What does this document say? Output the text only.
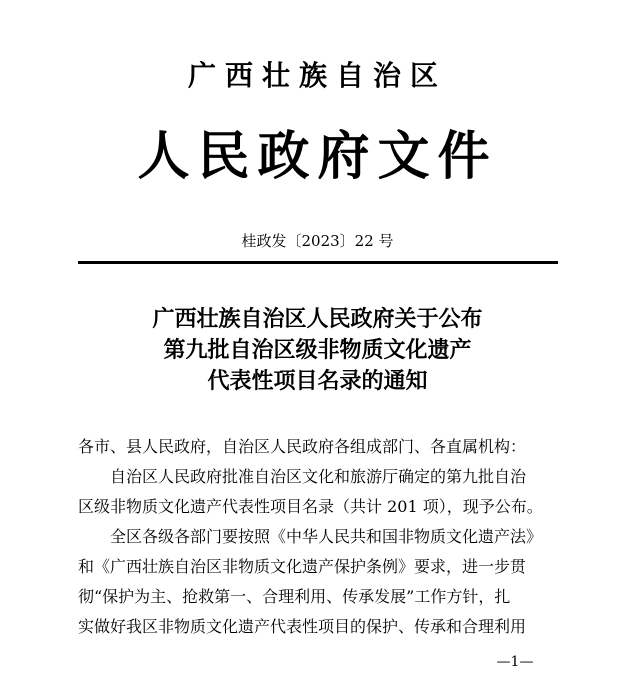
广西壮族自治区
人民政府文件
桂政发〔2023〕22 号
广西壮族自治区人民政府关于公布
第九批自治区级非物质文化遗产
代表性项目名录的通知
各市、县人民政府，自治区人民政府各组成部门、各直属机构：
自治区人民政府批准自治区文化和旅游厅确定的第九批自治
区级非物质文化遗产代表性项目名录（共计 201 项），现予公布。
全区各级各部门要按照《中华人民共和国非物质文化遗产法》
和《广西壮族自治区非物质文化遗产保护条例》要求，进一步贯
彻“保护为主、抢救第一、合理利用、传承发展”工作方针，扎
实做好我区非物质文化遗产代表性项目的保护、传承和合理利用
—1—
